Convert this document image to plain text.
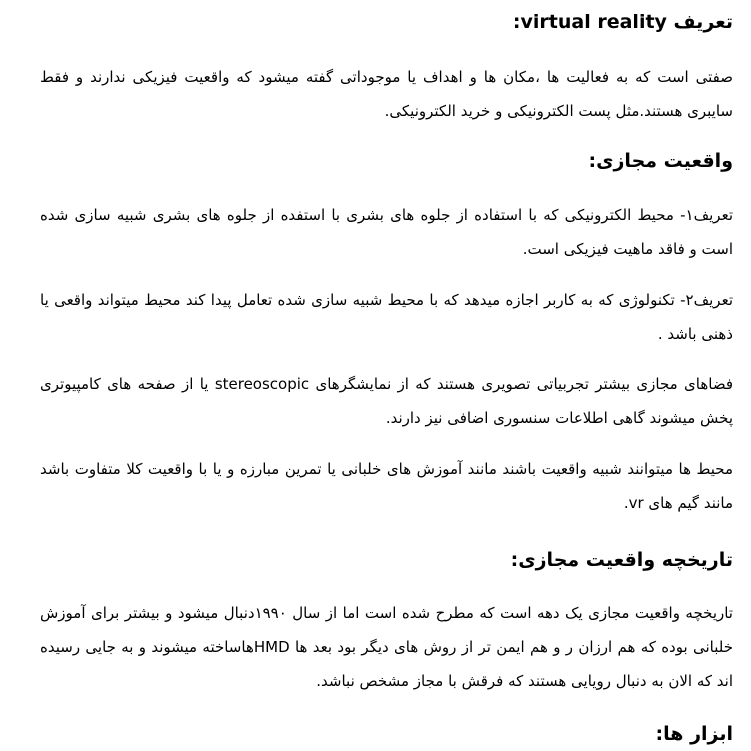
تعریف virtual reality:
صفتی است که به فعالیت ها ،مکان ها و اهداف یا موجوداتی گفته میشود که واقعیت فیزیکی ندارند و فقط سایبری هستند.مثل پست الکترونیکی و خرید الکترونیکی.
واقعیت مجازی:
تعریف۱- محیط الکترونیکی که با استفاده از جلوه های بشری با استفده از جلوه های بشری شبیه سازی شده است و فاقد ماهیت فیزیکی است.
تعریف۲- تکنولوژی که به کاربر اجازه میدهد که با محیط شبیه سازی شده تعامل پیدا کند محیط میتواند واقعی یا ذهنی باشد .
فضاهای مجازی بیشتر تجربیاتی تصویری هستند که از نمایشگرهای stereoscopic یا از صفحه های کامپیوتری پخش میشوند گاهی اطلاعات سنسوری اضافی نیز دارند.
محیط ها میتوانند شبیه واقعیت باشند مانند آموزش های خلبانی یا تمرین مبارزه و یا با واقعیت کلا متفاوت باشد مانند گیم های vr.
تاریخچه واقعیت مجازی:
تاریخچه واقعیت مجازی یک دهه است که مطرح شده است اما از سال ۱۹۹۰دنبال میشود و بیشتر برای آموزش خلبانی بوده که هم ارزان ر و هم ایمن تر از روش های دیگر بود بعد ها HMDهاساخته میشوند و به جایی رسیده اند که الان به دنبال رویایی هستند که فرقش با مجاز مشخص نباشد.
ابزار ها:
